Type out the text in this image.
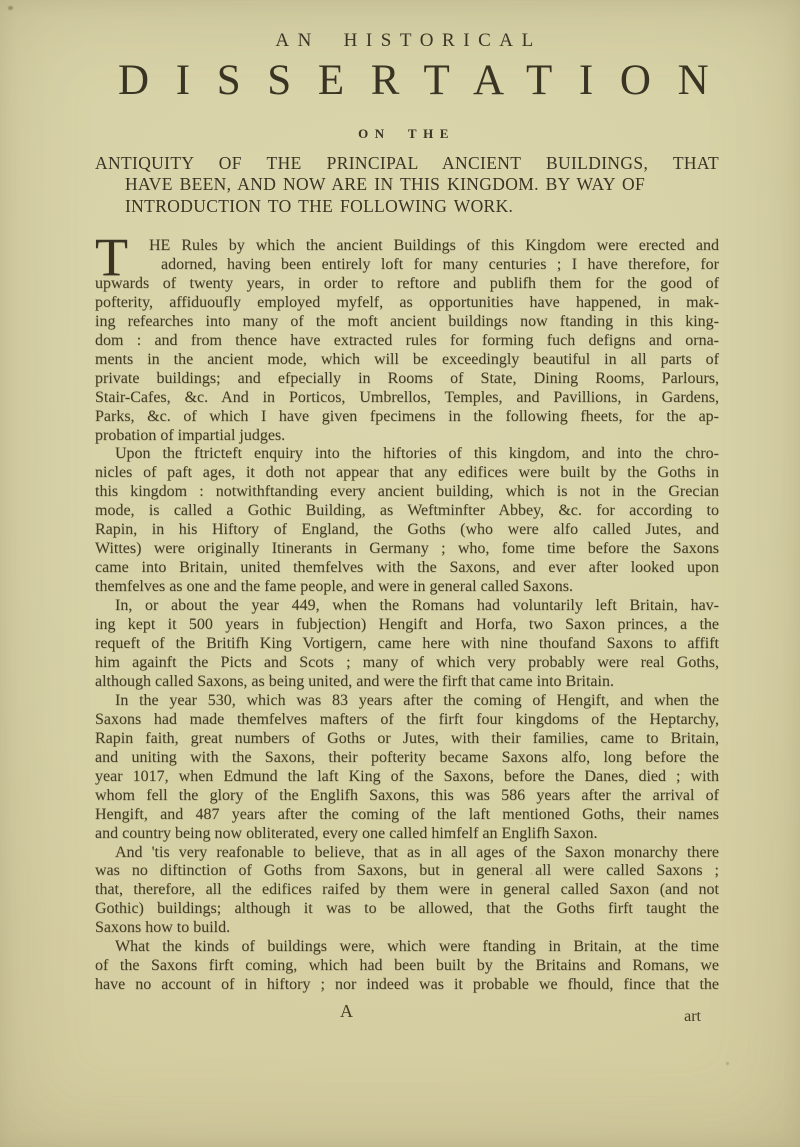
AN HISTORICAL
DISSERTATION
ON THE
ANTIQUITY OF THE PRINCIPAL ANCIENT BUILDINGS, THAT
HAVE BEEN, AND NOW ARE IN THIS KINGDOM. BY WAY OF
INTRODUCTION TO THE FOLLOWING WORK.
T	HE Rules by which the ancient Buildings of this Kingdom were erected and
adorned, having been entirely loft for many centuries ; I have therefore, for
upwards of twenty years, in order to reftore and publifh them for the good of
pofterity, affiduoufly employed myfelf, as opportunities have happened, in mak-
ing refearches into many of the moft ancient buildings now ftanding in this king-
dom : and from thence have extracted rules for forming fuch defigns and orna-
ments in the ancient mode, which will be exceedingly beautiful in all parts of
private buildings; and efpecially in Rooms of State, Dining Rooms, Parlours,
Stair-Cafes, &c. And in Porticos, Umbrellos, Temples, and Pavillions, in Gardens,
Parks, &c. of which I have given fpecimens in the following fheets, for the ap-
probation of impartial judges.
Upon the ftricteft enquiry into the hiftories of this kingdom, and into the chro-
nicles of paft ages, it doth not appear that any edifices were built by the Goths in
this kingdom : notwithftanding every ancient building, which is not in the Grecian
mode, is called a Gothic Building, as Weftminfter Abbey, &c. for according to
Rapin, in his Hiftory of England, the Goths (who were alfo called Jutes, and
Wittes) were originally Itinerants in Germany ; who, fome time before the Saxons
came into Britain, united themfelves with the Saxons, and ever after looked upon
themfelves as one and the fame people, and were in general called Saxons.
In, or about the year 449, when the Romans had voluntarily left Britain, hav-
ing kept it 500 years in fubjection) Hengift and Horfa, two Saxon princes, a the
requeft of the Britifh King Vortigern, came here with nine thoufand Saxons to affift
him againft the Picts and Scots ; many of which very probably were real Goths,
although called Saxons, as being united, and were the firft that came into Britain.
In the year 530, which was 83 years after the coming of Hengift, and when the
Saxons had made themfelves mafters of the firft four kingdoms of the Heptarchy,
Rapin faith, great numbers of Goths or Jutes, with their families, came to Britain,
and uniting with the Saxons, their pofterity became Saxons alfo, long before the
year 1017, when Edmund the laft King of the Saxons, before the Danes, died ; with
whom fell the glory of the Englifh Saxons, this was 586 years after the arrival of
Hengift, and 487 years after the coming of the laft mentioned Goths, their names
and country being now obliterated, every one called himfelf an Englifh Saxon.
And 'tis very reafonable to believe, that as in all ages of the Saxon monarchy there
was no diftinction of Goths from Saxons, but in general all were called Saxons ;
that, therefore, all the edifices raifed by them were in general called Saxon (and not
Gothic) buildings; although it was to be allowed, that the Goths firft taught the
Saxons how to build.
What the kinds of buildings were, which were ftanding in Britain, at the time
of the Saxons firft coming, which had been built by the Britains and Romans, we
have no account of in hiftory ; nor indeed was it probable we fhould, fince that the
A	art
